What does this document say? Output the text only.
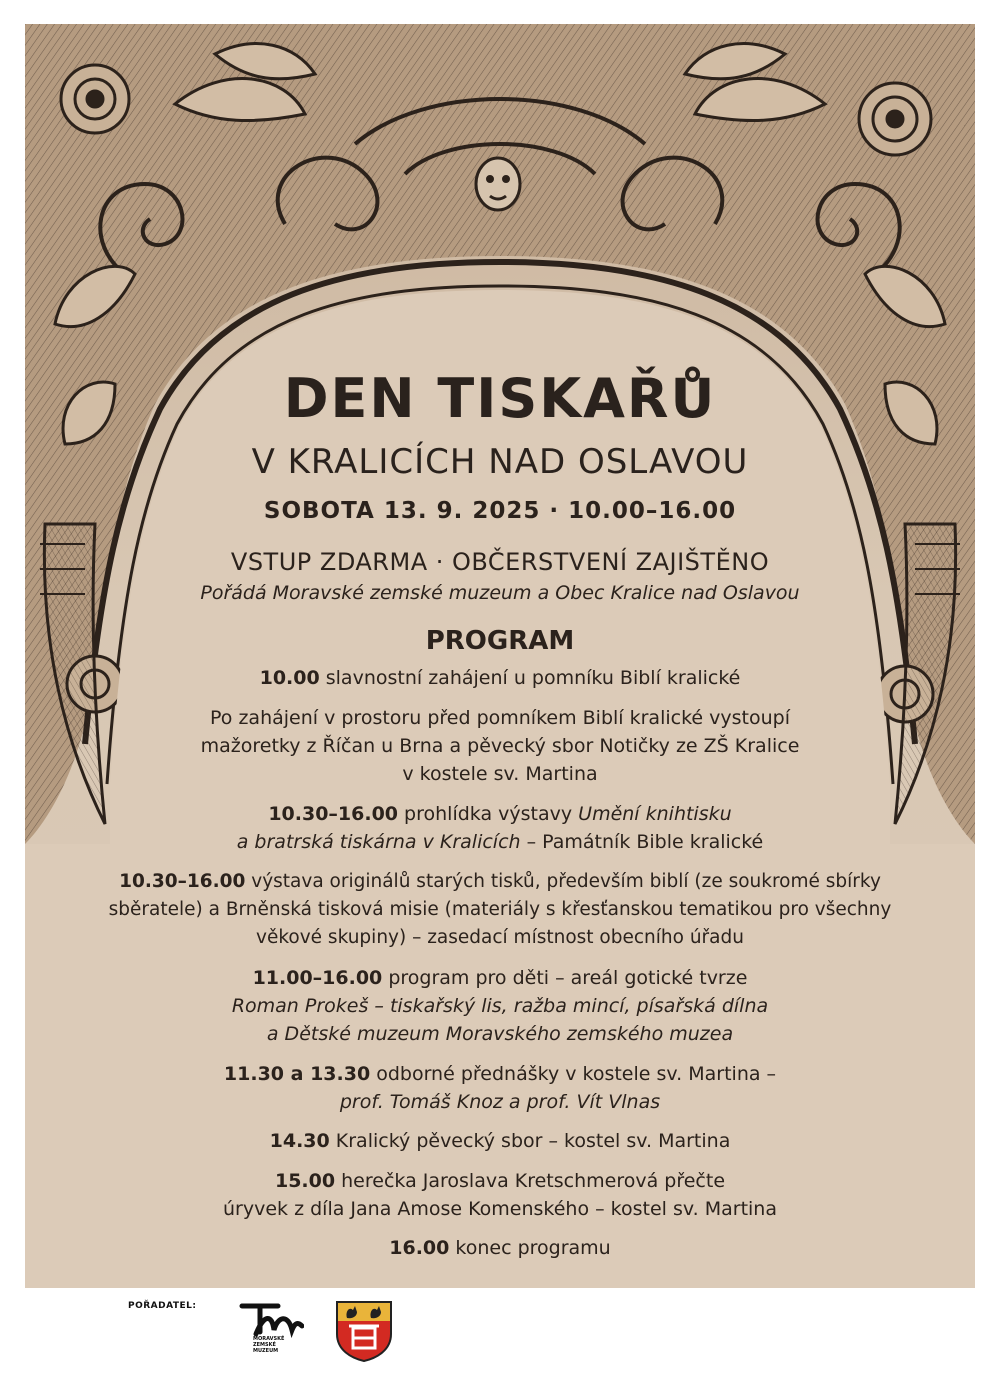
DEN TISKAŘŮ
V KRALICÍCH NAD OSLAVOU
SOBOTA 13. 9. 2025 · 10.00–16.00
VSTUP ZDARMA · OBČERSTVENÍ ZAJIŠTĚNO
Pořádá Moravské zemské muzeum a Obec Kralice nad Oslavou
PROGRAM
10.00 slavnostní zahájení u pomníku Biblí kralické
Po zahájení v prostoru před pomníkem Biblí kralické vystoupí
mažoretky z Říčan u Brna a pěvecký sbor Notičky ze ZŠ Kralice
v kostele sv. Martina
10.30–16.00 prohlídka výstavy Umění knihtisku
a bratrská tiskárna v Kralicích – Památník Bible kralické
10.30–16.00 výstava originálů starých tisků, především biblí (ze soukromé sbírky
sběratele) a Brněnská tisková misie (materiály s křesťanskou tematikou pro všechny
věkové skupiny) – zasedací místnost obecního úřadu
11.00–16.00 program pro děti – areál gotické tvrze
Roman Prokeš – tiskařský lis, ražba mincí, písařská dílna
a Dětské muzeum Moravského zemského muzea
11.30 a 13.30 odborné přednášky v kostele sv. Martina –
prof. Tomáš Knoz a prof. Vít Vlnas
14.30 Kralický pěvecký sbor – kostel sv. Martina
15.00 herečka Jaroslava Kretschmerová přečte
úryvek z díla Jana Amose Komenského – kostel sv. Martina
16.00 konec programu
POŘADATEL:
MORAVSKÉ
ZEMSKÉ
MUZEUM
